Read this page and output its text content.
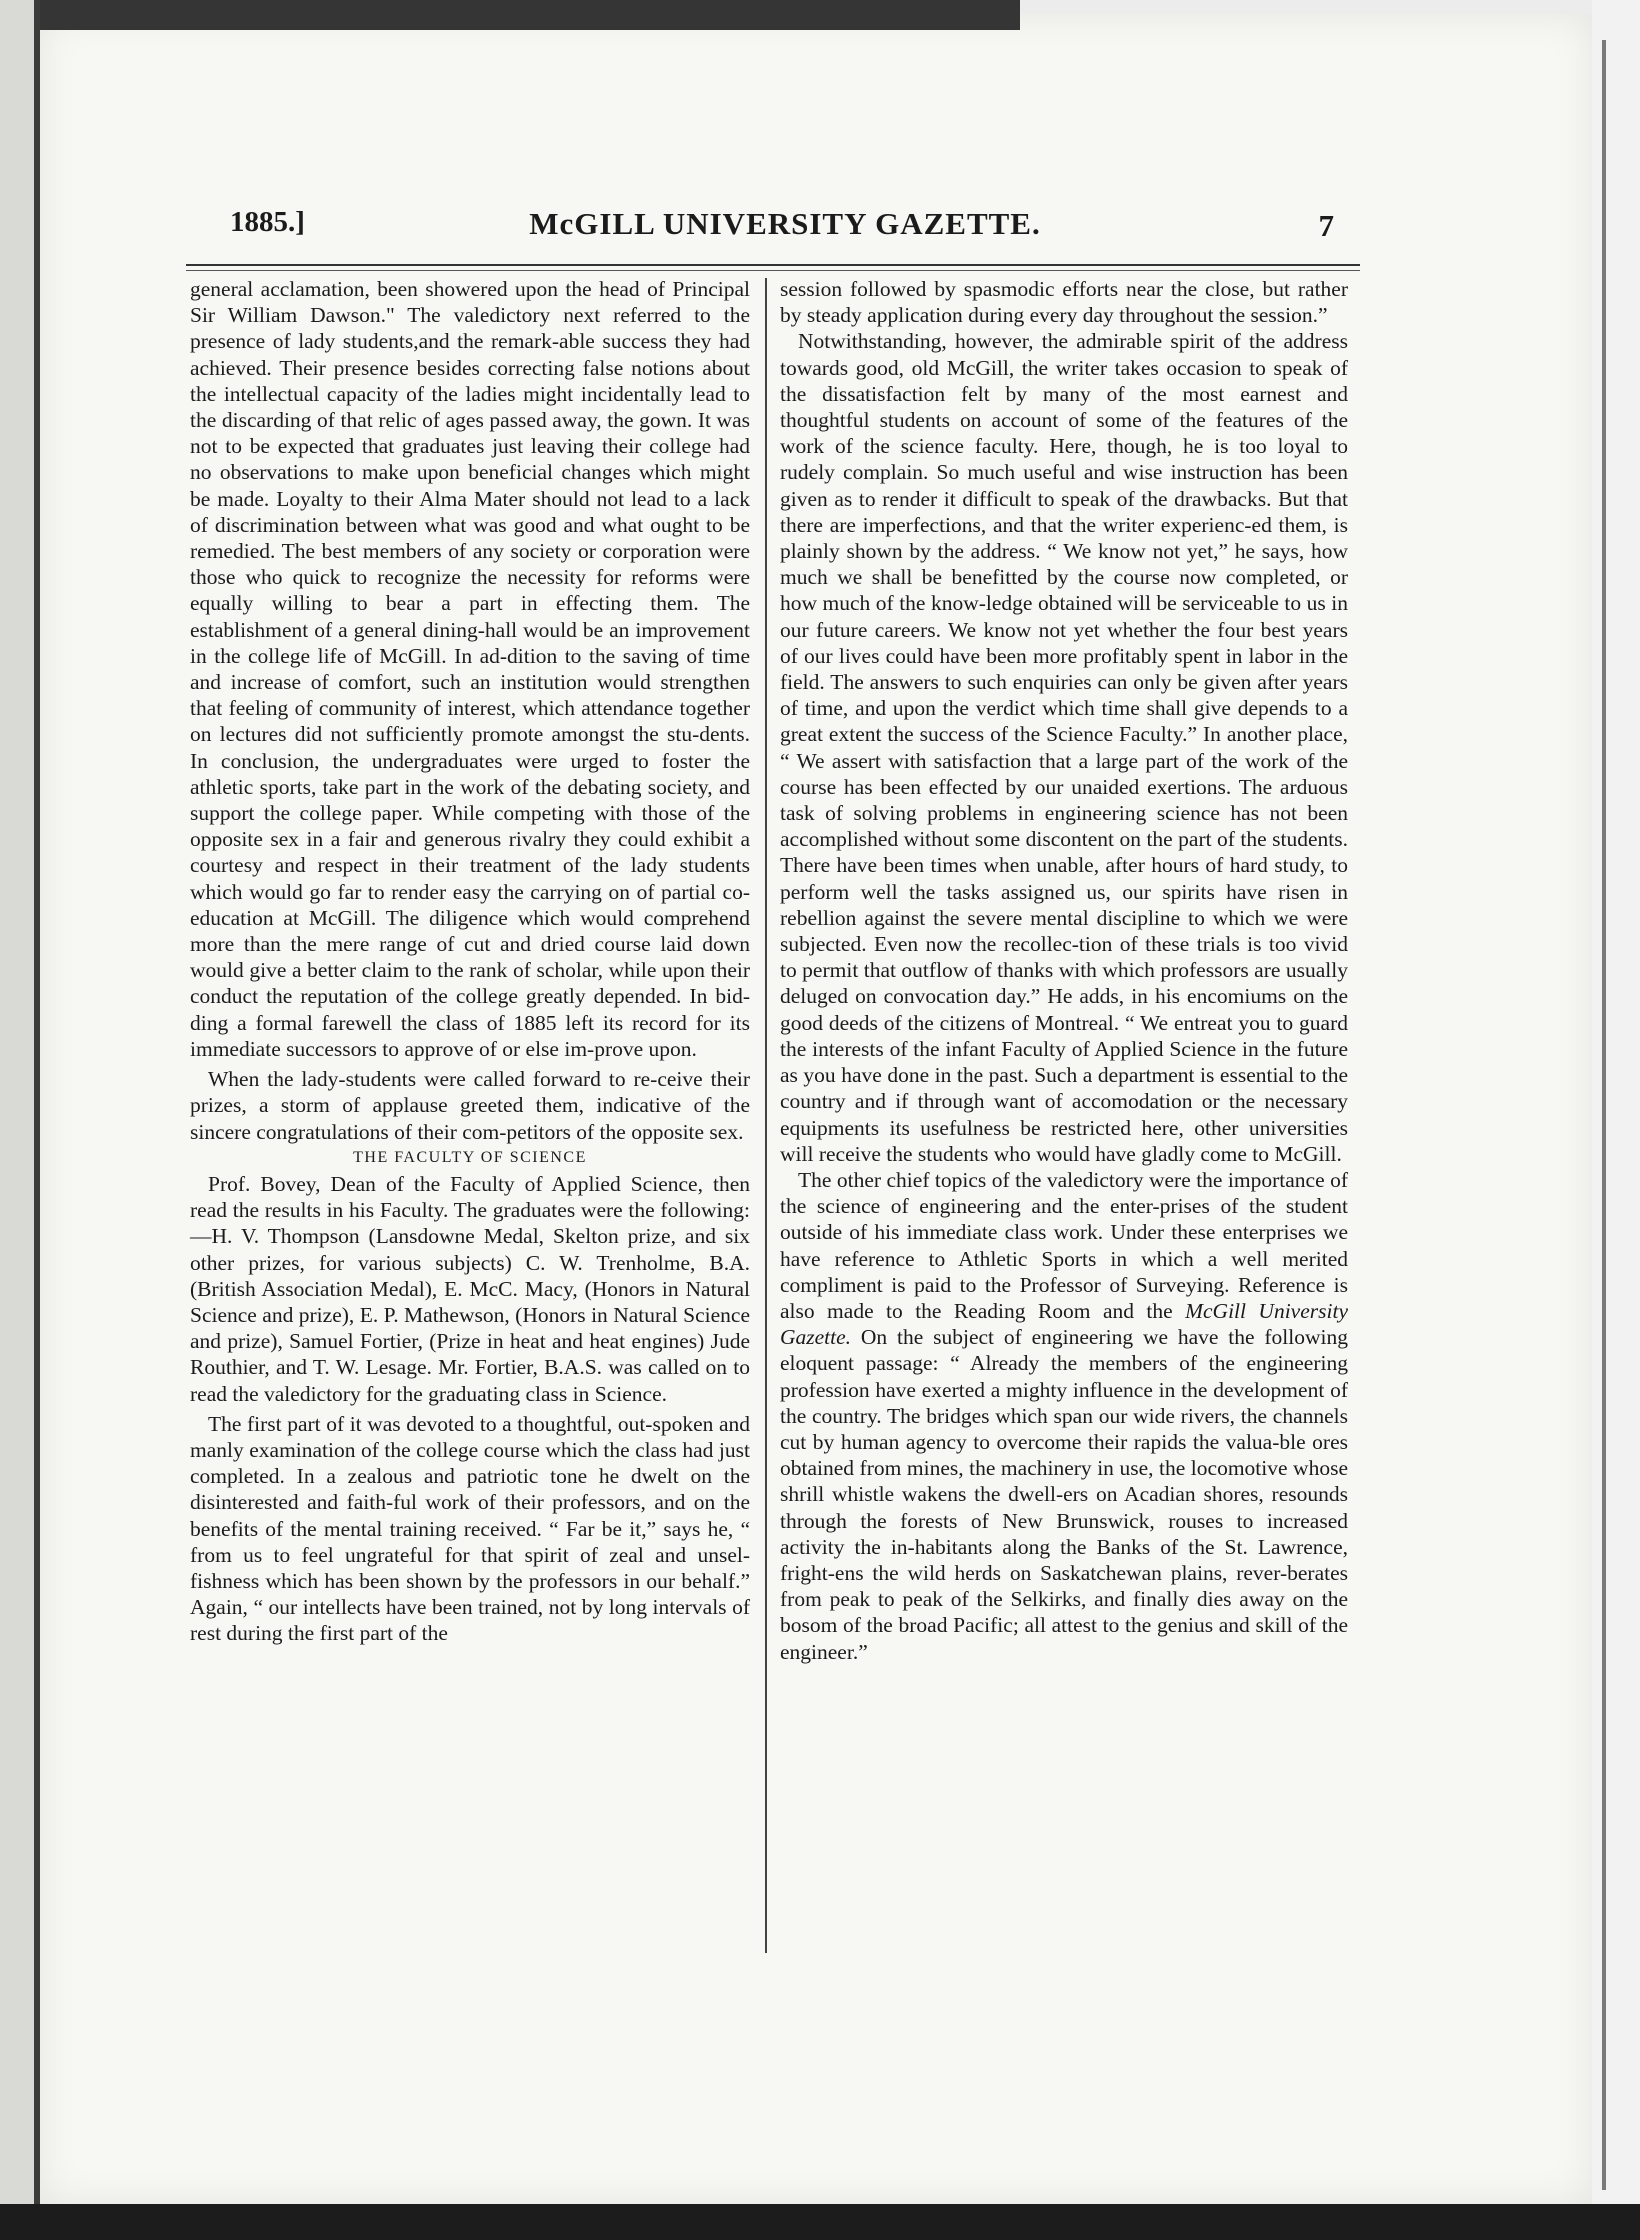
1885.]	McGILL UNIVERSITY GAZETTE.	7

general acclamation, been showered upon the head of Principal Sir William Dawson." The valedictory next referred to the presence of lady students,and the remark-able success they had achieved. Their presence besides correcting false notions about the intellectual capacity of the ladies might incidentally lead to the discarding of that relic of ages passed away, the gown. It was not to be expected that graduates just leaving their college had no observations to make upon beneficial changes which might be made. Loyalty to their Alma Mater should not lead to a lack of discrimination between what was good and what ought to be remedied. The best members of any society or corporation were those who quick to recognize the necessity for reforms were equally willing to bear a part in effecting them. The establishment of a general dining-hall would be an improvement in the college life of McGill. In ad-dition to the saving of time and increase of comfort, such an institution would strengthen that feeling of community of interest, which attendance together on lectures did not sufficiently promote amongst the stu-dents. In conclusion, the undergraduates were urged to foster the athletic sports, take part in the work of the debating society, and support the college paper. While competing with those of the opposite sex in a fair and generous rivalry they could exhibit a courtesy and respect in their treatment of the lady students which would go far to render easy the carrying on of partial co-education at McGill. The diligence which would comprehend more than the mere range of cut and dried course laid down would give a better claim to the rank of scholar, while upon their conduct the reputation of the college greatly depended. In bid-ding a formal farewell the class of 1885 left its record for its immediate successors to approve of or else im-prove upon.

When the lady-students were called forward to re-ceive their prizes, a storm of applause greeted them, indicative of the sincere congratulations of their com-petitors of the opposite sex.

THE FACULTY OF SCIENCE

Prof. Bovey, Dean of the Faculty of Applied Science, then read the results in his Faculty. The graduates were the following:—H. V. Thompson (Lansdowne Medal, Skelton prize, and six other prizes, for various subjects) C. W. Trenholme, B.A. (British Association Medal), E. McC. Macy, (Honors in Natural Science and prize), E. P. Mathewson, (Honors in Natural Science and prize), Samuel Fortier, (Prize in heat and heat engines) Jude Routhier, and T. W. Lesage. Mr. Fortier, B.A.S. was called on to read the valedictory for the graduating class in Science.

The first part of it was devoted to a thoughtful, out-spoken and manly examination of the college course which the class had just completed. In a zealous and patriotic tone he dwelt on the disinterested and faith-ful work of their professors, and on the benefits of the mental training received. “ Far be it,” says he, “ from us to feel ungrateful for that spirit of zeal and unsel-fishness which has been shown by the professors in our behalf.” Again, “ our intellects have been trained, not by long intervals of rest during the first part of the

session followed by spasmodic efforts near the close, but rather by steady application during every day throughout the session.”

Notwithstanding, however, the admirable spirit of the address towards good, old McGill, the writer takes occasion to speak of the dissatisfaction felt by many of the most earnest and thoughtful students on account of some of the features of the work of the science faculty. Here, though, he is too loyal to rudely complain. So much useful and wise instruction has been given as to render it difficult to speak of the drawbacks. But that there are imperfections, and that the writer experienc-ed them, is plainly shown by the address. “ We know not yet,” he says, how much we shall be benefitted by the course now completed, or how much of the know-ledge obtained will be serviceable to us in our future careers. We know not yet whether the four best years of our lives could have been more profitably spent in labor in the field. The answers to such enquiries can only be given after years of time, and upon the verdict which time shall give depends to a great extent the success of the Science Faculty.” In another place, “ We assert with satisfaction that a large part of the work of the course has been effected by our unaided exertions. The arduous task of solving problems in engineering science has not been accomplished without some discontent on the part of the students. There have been times when unable, after hours of hard study, to perform well the tasks assigned us, our spirits have risen in rebellion against the severe mental discipline to which we were subjected. Even now the recollec-tion of these trials is too vivid to permit that outflow of thanks with which professors are usually deluged on convocation day.” He adds, in his encomiums on the good deeds of the citizens of Montreal. “ We entreat you to guard the interests of the infant Faculty of Applied Science in the future as you have done in the past. Such a department is essential to the country and if through want of accomodation or the necessary equipments its usefulness be restricted here, other universities will receive the students who would have gladly come to McGill.

The other chief topics of the valedictory were the importance of the science of engineering and the enter-prises of the student outside of his immediate class work. Under these enterprises we have reference to Athletic Sports in which a well merited compliment is paid to the Professor of Surveying. Reference is also made to the Reading Room and the McGill University Gazette. On the subject of engineering we have the following eloquent passage: “ Already the members of the engineering profession have exerted a mighty influence in the development of the country. The bridges which span our wide rivers, the channels cut by human agency to overcome their rapids the valua-ble ores obtained from mines, the machinery in use, the locomotive whose shrill whistle wakens the dwell-ers on Acadian shores, resounds through the forests of New Brunswick, rouses to increased activity the in-habitants along the Banks of the St. Lawrence, fright-ens the wild herds on Saskatchewan plains, rever-berates from peak to peak of the Selkirks, and finally dies away on the bosom of the broad Pacific; all attest to the genius and skill of the engineer.”
